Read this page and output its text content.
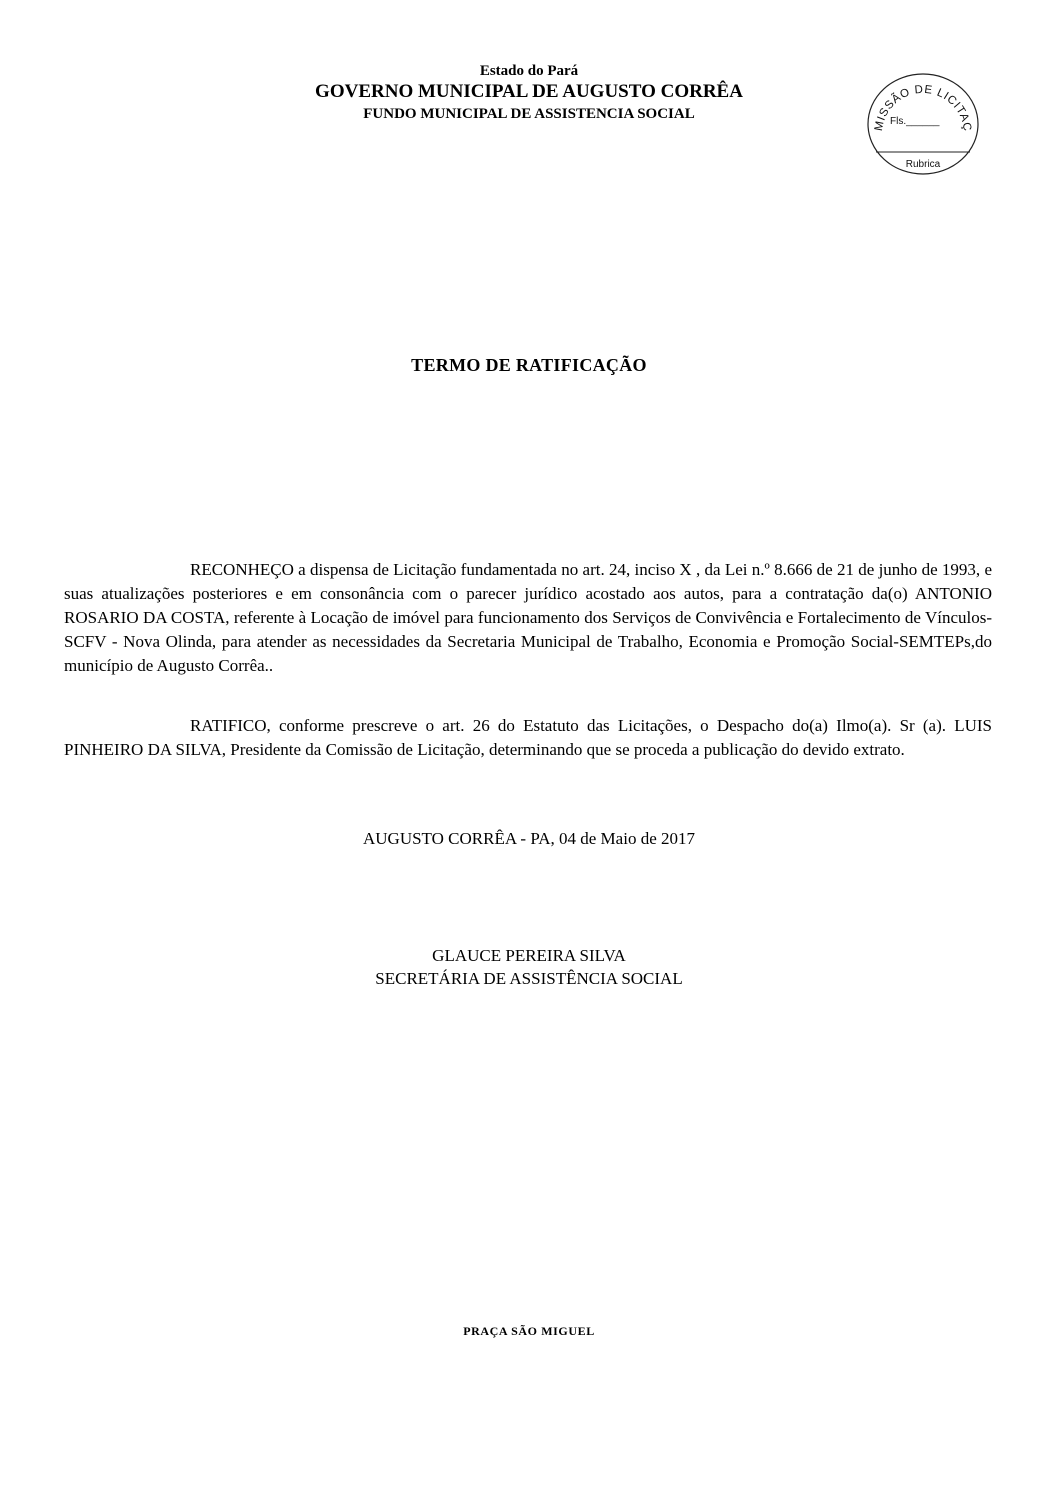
Estado do Pará
GOVERNO MUNICIPAL DE AUGUSTO CORRÊA
FUNDO MUNICIPAL DE ASSISTENCIA SOCIAL
MISSÃO DE LICITAÇ
Fls.______
Rubrica
TERMO DE RATIFICAÇÃO

RECONHEÇO a dispensa de Licitação fundamentada no art. 24, inciso X , da Lei n.º 8.666 de 21 de junho de 1993, e suas atualizações posteriores e em consonância com o parecer jurídico acostado aos autos, para a contratação da(o) ANTONIO ROSARIO DA COSTA, referente à Locação de imóvel para funcionamento dos Serviços de Convivência e Fortalecimento de Vínculos-SCFV - Nova Olinda, para atender as necessidades da Secretaria Municipal de Trabalho, Economia e Promoção Social-SEMTEPs,do município de Augusto Corrêa..

RATIFICO, conforme prescreve o art. 26 do Estatuto das Licitações, o Despacho do(a) Ilmo(a). Sr (a). LUIS PINHEIRO DA SILVA, Presidente da Comissão de Licitação, determinando que se proceda a publicação do devido extrato.

AUGUSTO CORRÊA - PA, 04 de Maio de 2017
GLAUCE PEREIRA SILVA
SECRETÁRIA DE ASSISTÊNCIA SOCIAL
PRAÇA SÃO MIGUEL
